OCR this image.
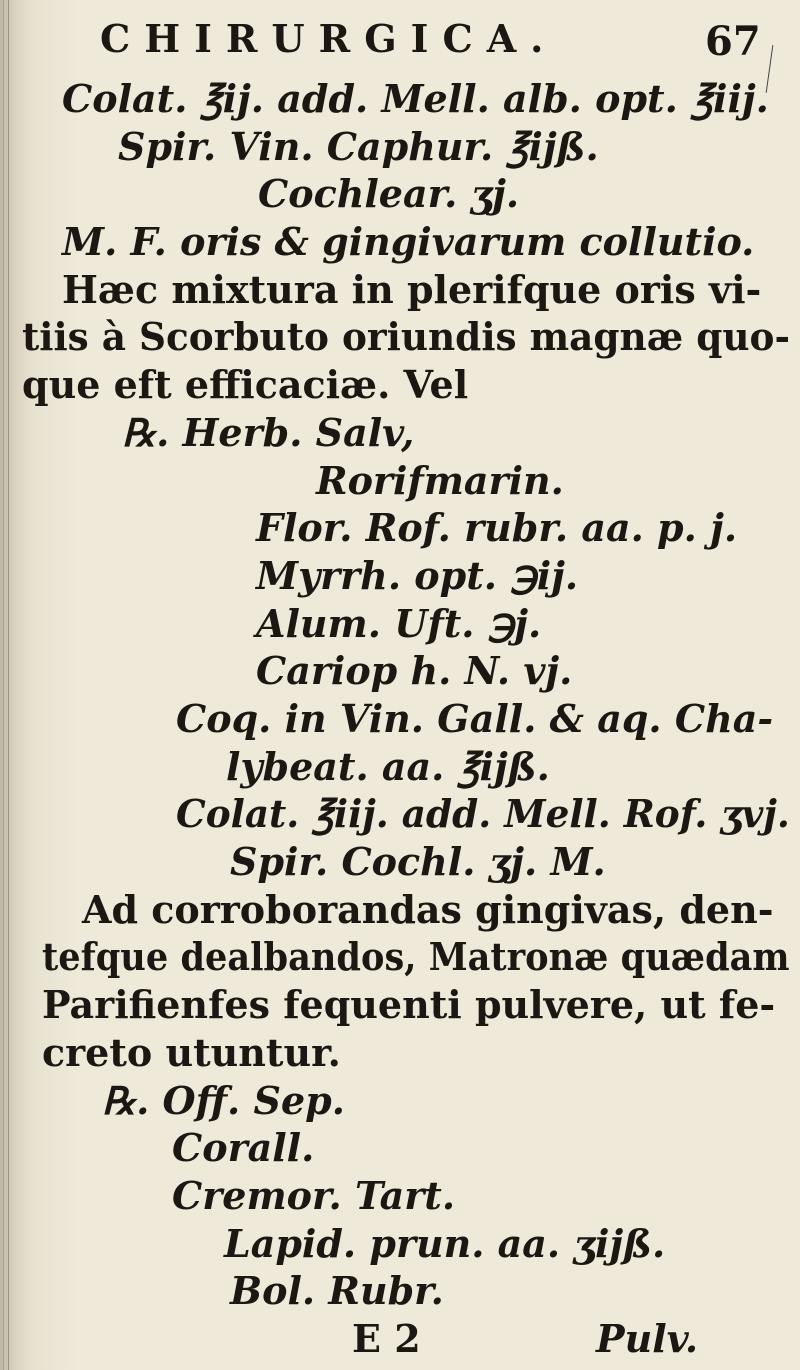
CHIRURGICA.	67
Colat. ℥ij. add. Mell. alb. opt. ℥iij.
Spir. Vin. Caphur. ℥ijß.
Cochlear. ʒj.
M. F. oris & gingivarum collutio.
Hæc mixtura in plerifque oris vi-
tiis à Scorbuto oriundis magnæ quo-
que eft efficaciæ. Vel
℞. Herb. Salv,
Rorifmarin.
Flor. Rof. rubr. aa. p. j.
Myrrh. opt. ℈ij.
Alum. Uft. ℈j.
Cariop h. N. vj.
Coq. in Vin. Gall. & aq. Cha-
lybeat. aa. ℥ijß.
Colat. ℥iij. add. Mell. Rof. ʒvj.
Spir. Cochl. ʒj. M.
Ad corroborandas gingivas, den-
tefque dealbandos, Matronæ quædam
Parifienfes fequenti pulvere, ut fe-
creto utuntur.
℞. Off. Sep.
Corall.
Cremor. Tart.
Lapid. prun. aa. ʒijß.
Bol. Rubr.
E 2	Pulv.
